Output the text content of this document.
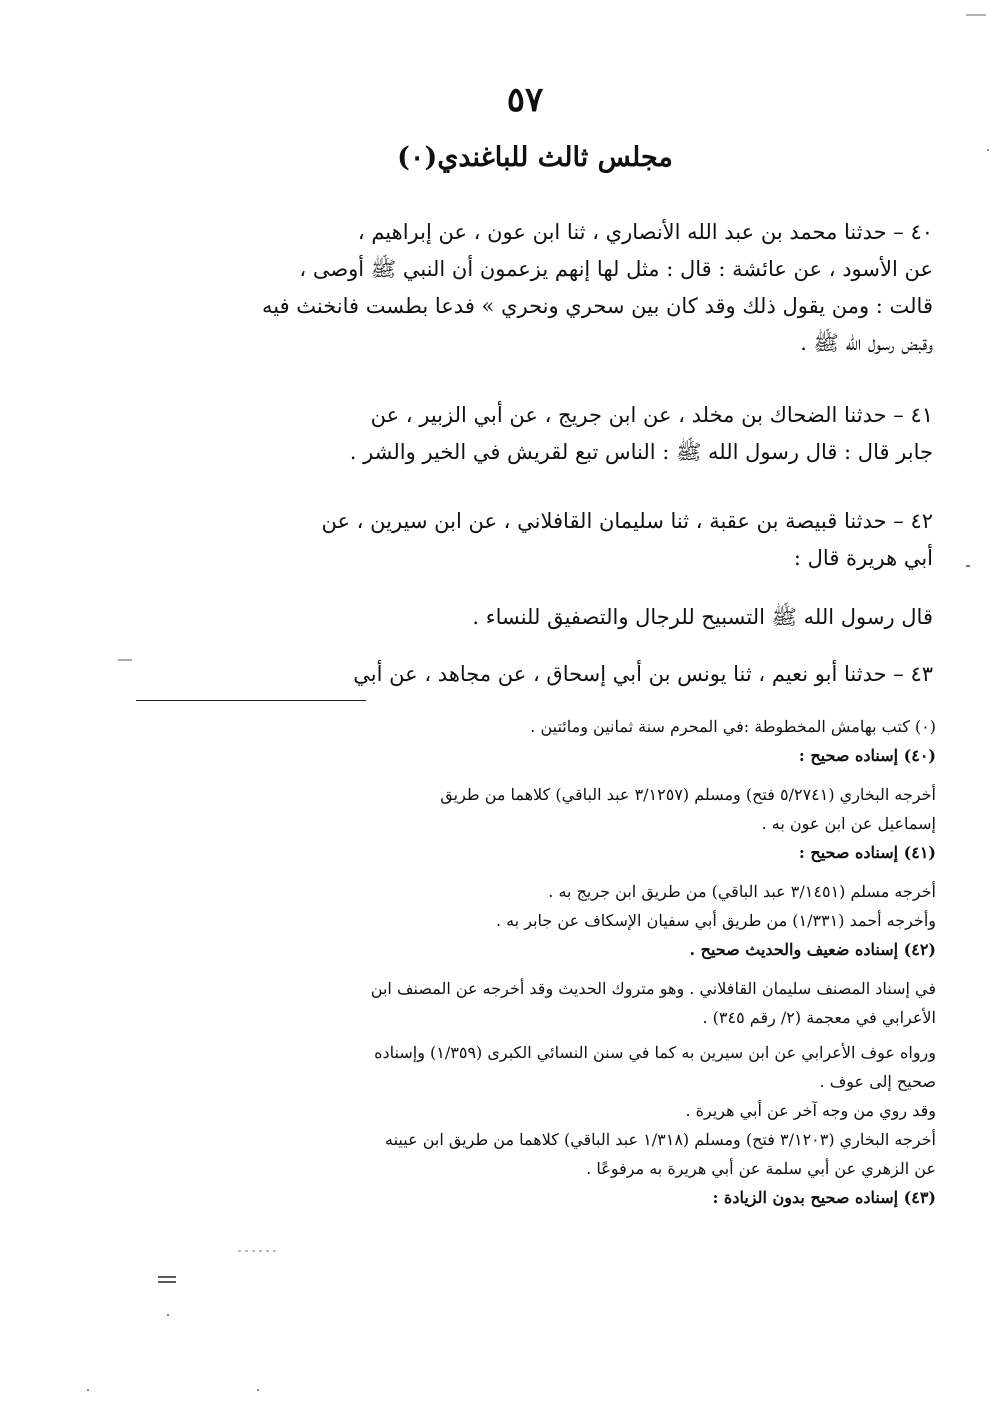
٥٧
مجلس ثالث للباغندي(٠)
٤٠ – حدثنا محمد بن عبد الله الأنصاري ، ثنا ابن عون ، عن إبراهيم ،
عن الأسود ، عن عائشة : قال : مثل لها إنهم يزعمون أن النبي ﷺ أوصى ،
قالت : ومن يقول ذلك وقد كان بين سحري ونحري » فدعا بطست فانخنث فيه
وقبض رسول الله ﷺ .
٤١ – حدثنا الضحاك بن مخلد ، عن ابن جريج ، عن أبي الزبير ، عن
جابر قال : قال رسول الله ﷺ : الناس تبع لقريش في الخير والشر .
٤٢ – حدثنا قبيصة بن عقبة ، ثنا سليمان القافلاني ، عن ابن سيرين ، عن
أبي هريرة قال :
قال رسول الله ﷺ التسبيح للرجال والتصفيق للنساء .
٤٣ – حدثنا أبو نعيم ، ثنا يونس بن أبي إسحاق ، عن مجاهد ، عن أبي
(٠) كتب بهامش المخطوطة :في المحرم سنة ثمانين ومائتين .
(٤٠) إسناده صحيح :
أخرجه البخاري (٥/٢٧٤١ فتح) ومسلم (٣/١٢٥٧ عبد الباقي) كلاهما من طريق
إسماعيل عن ابن عون به .
(٤١) إسناده صحيح :
أخرجه مسلم (٣/١٤٥١ عبد الباقي) من طريق ابن جريج به .
وأخرجه أحمد (١/٣٣١) من طريق أبي سفيان الإسكاف عن جابر به .
(٤٢) إسناده ضعيف والحديث صحيح .
في إسناد المصنف سليمان القافلاني . وهو متروك الحديث وقد أخرجه عن المصنف ابن
الأعرابي في معجمة (٢/ رقم ٣٤٥) .
ورواه عوف الأعرابي عن ابن سيرين به كما في سنن النسائي الكبرى (١/٣٥٩) وإسناده
صحيح إلى عوف .
وقد روي من وجه آخر عن أبي هريرة .
أخرجه البخاري (٣/١٢٠٣ فتح) ومسلم (١/٣١٨ عبد الباقي) كلاهما من طريق ابن عيينه
عن الزهري عن أبي سلمة عن أبي هريرة به مرفوعًا .
(٤٣) إسناده صحيح بدون الزيادة :
